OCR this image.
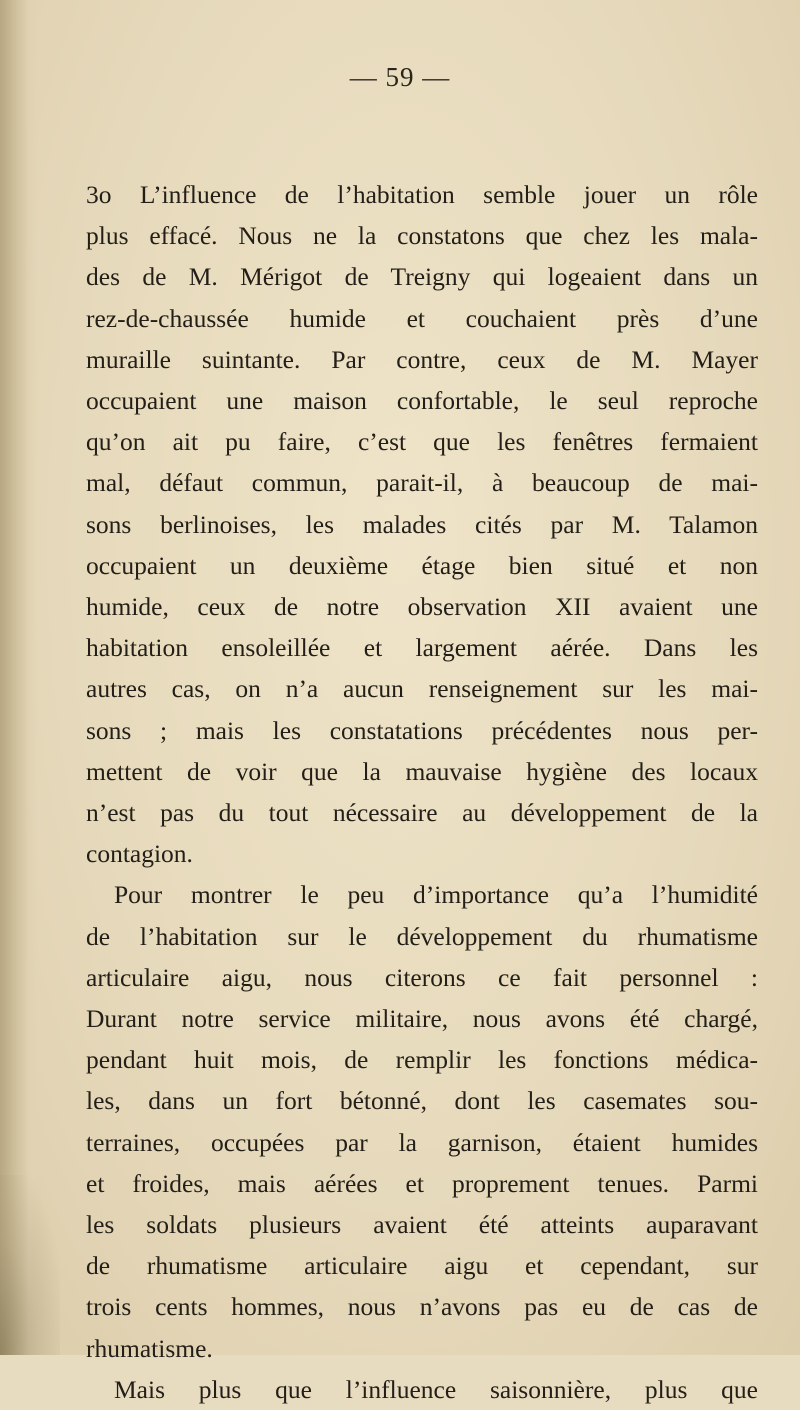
— 59 —

3o L’influence de l’habitation semble jouer un rôle
plus effacé. Nous ne la constatons que chez les mala-
des de M. Mérigot de Treigny qui logeaient dans un
rez-de-chaussée humide et couchaient près d’une
muraille suintante. Par contre, ceux de M. Mayer
occupaient une maison confortable, le seul reproche
qu’on ait pu faire, c’est que les fenêtres fermaient
mal, défaut commun, parait-il, à beaucoup de mai-
sons berlinoises, les malades cités par M. Talamon
occupaient un deuxième étage bien situé et non
humide, ceux de notre observation XII avaient une
habitation ensoleillée et largement aérée. Dans les
autres cas, on n’a aucun renseignement sur les mai-
sons ; mais les constatations précédentes nous per-
mettent de voir que la mauvaise hygiène des locaux
n’est pas du tout nécessaire au développement de la
contagion.

Pour montrer le peu d’importance qu’a l’humidité
de l’habitation sur le développement du rhumatisme
articulaire aigu, nous citerons ce fait personnel :
Durant notre service militaire, nous avons été chargé,
pendant huit mois, de remplir les fonctions médica-
les, dans un fort bétonné, dont les casemates sou-
terraines, occupées par la garnison, étaient humides
et froides, mais aérées et proprement tenues. Parmi
les soldats plusieurs avaient été atteints auparavant
de rhumatisme articulaire aigu et cependant, sur
trois cents hommes, nous n’avons pas eu de cas de
rhumatisme.

Mais plus que l’influence saisonnière, plus que
